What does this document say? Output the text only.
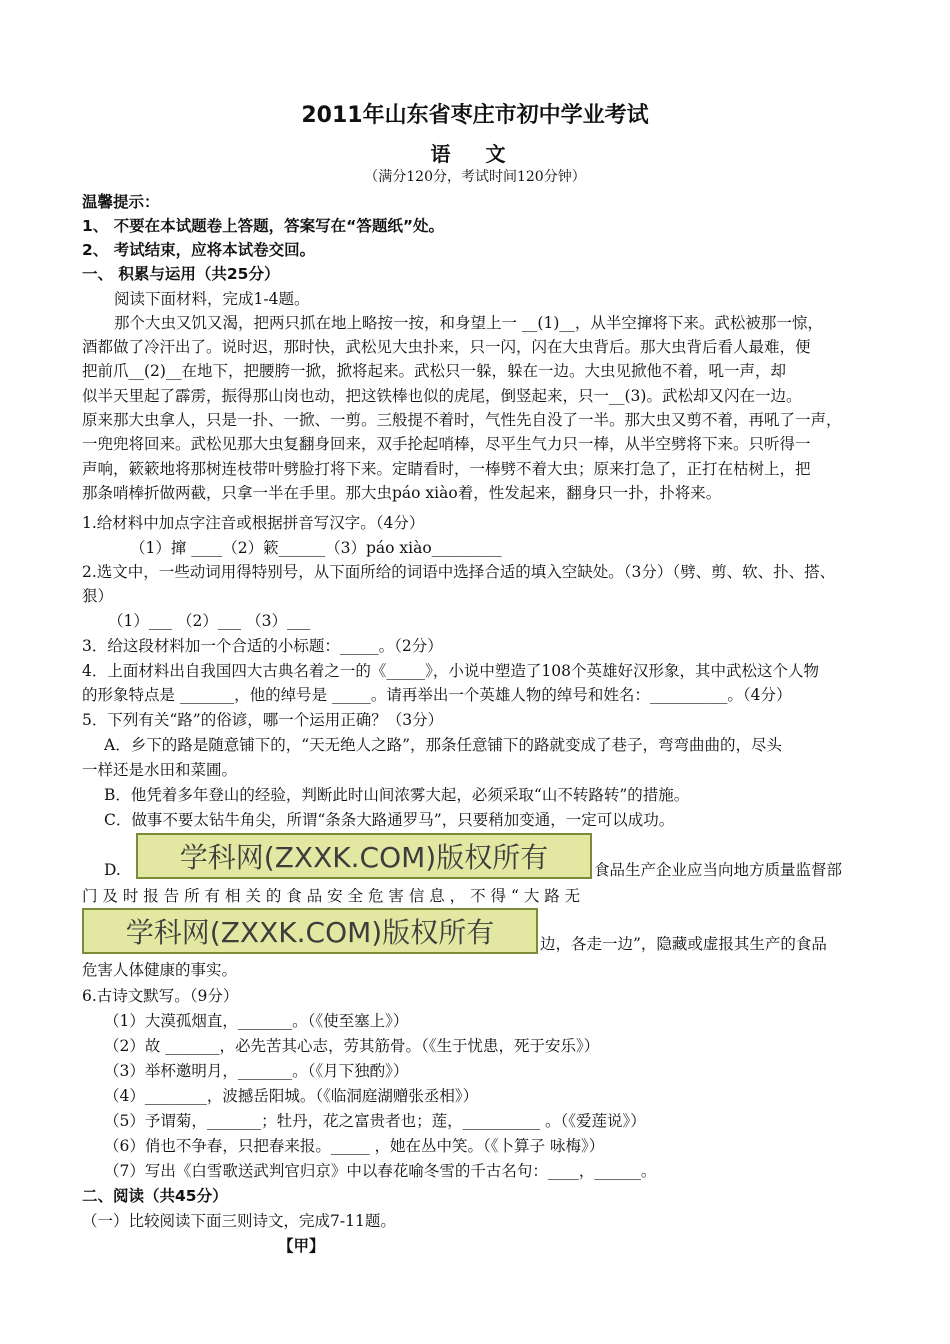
2011年山东省枣庄市初中学业考试
语 文
（满分120分，考试时间120分钟）
温馨提示：
1、 不要在本试题卷上答题，答案写在“答题纸”处。
2、 考试结束，应将本试卷交回。
一、 积累与运用（共25分）
阅读下面材料，完成1-4题。
那个大虫又饥又渴，把两只抓在地上略按一按，和身望上一 __(1)__，从半空撺将下来。武松被那一惊，
酒都做了冷汗出了。说时迟，那时快，武松见大虫扑来，只一闪，闪在大虫背后。那大虫背后看人最难，便
把前爪__(2)__在地下，把腰胯一掀，掀将起来。武松只一躲，躲在一边。大虫见掀他不着，吼一声，却
似半天里起了霹雳，振得那山岗也动，把这铁棒也似的虎尾，倒竖起来，只一__(3)。武松却又闪在一边。
原来那大虫拿人，只是一扑、一掀、一剪。三般提不着时，气性先自没了一半。那大虫又剪不着，再吼了一声，
一兜兜将回来。武松见那大虫复翻身回来，双手抡起哨棒，尽平生气力只一棒，从半空劈将下来。只听得一
声响，簌簌地将那树连枝带叶劈脸打将下来。定睛看时，一棒劈不着大虫；原来打急了，正打在枯树上，把
那条哨棒折做两截，只拿一半在手里。那大虫páo xiào着，性发起来，翻身只一扑，扑将来。
1.给材料中加点字注音或根据拼音写汉字。（4分）
（1）撺 ____（2）簌______（3）páo xiào_________
2.选文中，一些动词用得特别号，从下面所给的词语中选择合适的填入空缺处。（3分）（劈、剪、软、扑、搭、
狠）
（1）___ （2）___ （3）___
3．给这段材料加一个合适的小标题：_____。（2分）
4．上面材料出自我国四大古典名着之一的《_____》，小说中塑造了108个英雄好汉形象，其中武松这个人物
的形象特点是 _______，他的绰号是 _____。请再举出一个英雄人物的绰号和姓名：__________。（4分）
5．下列有关“路”的俗谚，哪一个运用正确？（3分）
A．乡下的路是随意铺下的，“天无绝人之路”，那条任意铺下的路就变成了巷子，弯弯曲曲的，尽头
一样还是水田和菜圃。
B．他凭着多年登山的经验，判断此时山间浓雾大起，必须采取“山不转路转”的措施。
C．做事不要太钻牛角尖，所谓“条条大路通罗马”，只要稍加变通，一定可以成功。
D.	学科网(ZXXK.COM)版权所有	食品生产企业应当向地方质量监督部
门 及 时 报 告 所 有 相 关 的 食 品 安 全 危 害 信 息 ， 不 得 “ 大 路 无
学科网(ZXXK.COM)版权所有	边，各走一边”，隐藏或虚报其生产的食品
危害人体健康的事实。
6.古诗文默写。（9分）
（1）大漠孤烟直，_______。（《使至塞上》）
（2）故 _______，必先苦其心志，劳其筋骨。（《生于忧患，死于安乐》）
（3）举杯邀明月，_______。（《月下独酌》）
（4）________，波撼岳阳城。（《临洞庭湖赠张丞相》）
（5）予谓菊，_______；牡丹，花之富贵者也；莲，__________ 。（《爱莲说》）
（6）俏也不争春，只把春来报。_____ ，她在丛中笑。（《卜算子 咏梅》）
（7）写出《白雪歌送武判官归京》中以春花喻冬雪的千古名句：____，______。
二、阅读（共45分）
（一）比较阅读下面三则诗文，完成7-11题。
【甲】
